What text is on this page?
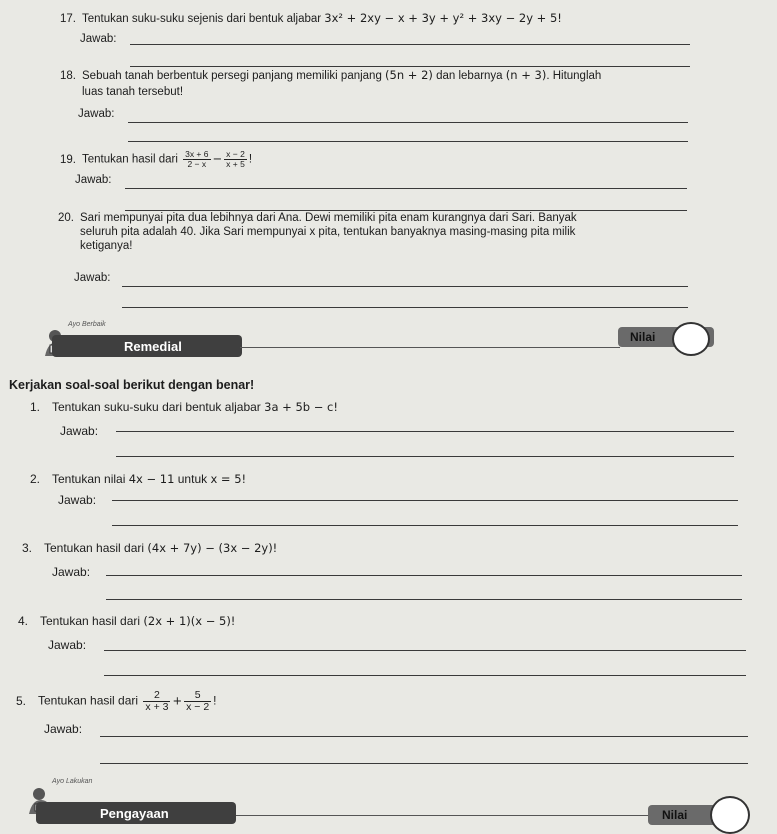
17. Tentukan suku-suku sejenis dari bentuk aljabar 3x² + 2xy − x + 3y + y² + 3xy − 2y + 5!
Jawab:
18. Sebuah tanah berbentuk persegi panjang memiliki panjang (5n + 2) dan lebarnya (n + 3). Hitunglah
luas tanah tersebut!
Jawab:
19. Tentukan hasil dari $\frac{3x + 6}{2 - x} - \frac{x - 2}{x + 5}$ !
Jawab:
20. Sari mempunyai pita dua lebihnya dari Ana. Dewi memiliki pita enam kurangnya dari Sari. Banyak
seluruh pita adalah 40. Jika Sari mempunyai x pita, tentukan banyaknya masing-masing pita milik
ketiganya!
Jawab:
Ayo Berbaik
Remedial
Nilai
Kerjakan soal-soal berikut dengan benar!
1. Tentukan suku-suku dari bentuk aljabar 3a + 5b − c!
Jawab:
2. Tentukan nilai 4x − 11 untuk x = 5!
Jawab:
3. Tentukan hasil dari (4x + 7y) − (3x − 2y)!
Jawab:
4. Tentukan hasil dari (2x + 1)(x − 5)!
Jawab:
5. Tentukan hasil dari $\frac{2}{x + 3} + \frac{5}{x - 2}$ !
Jawab:
Ayo Lakukan
Pengayaan	Nilai
